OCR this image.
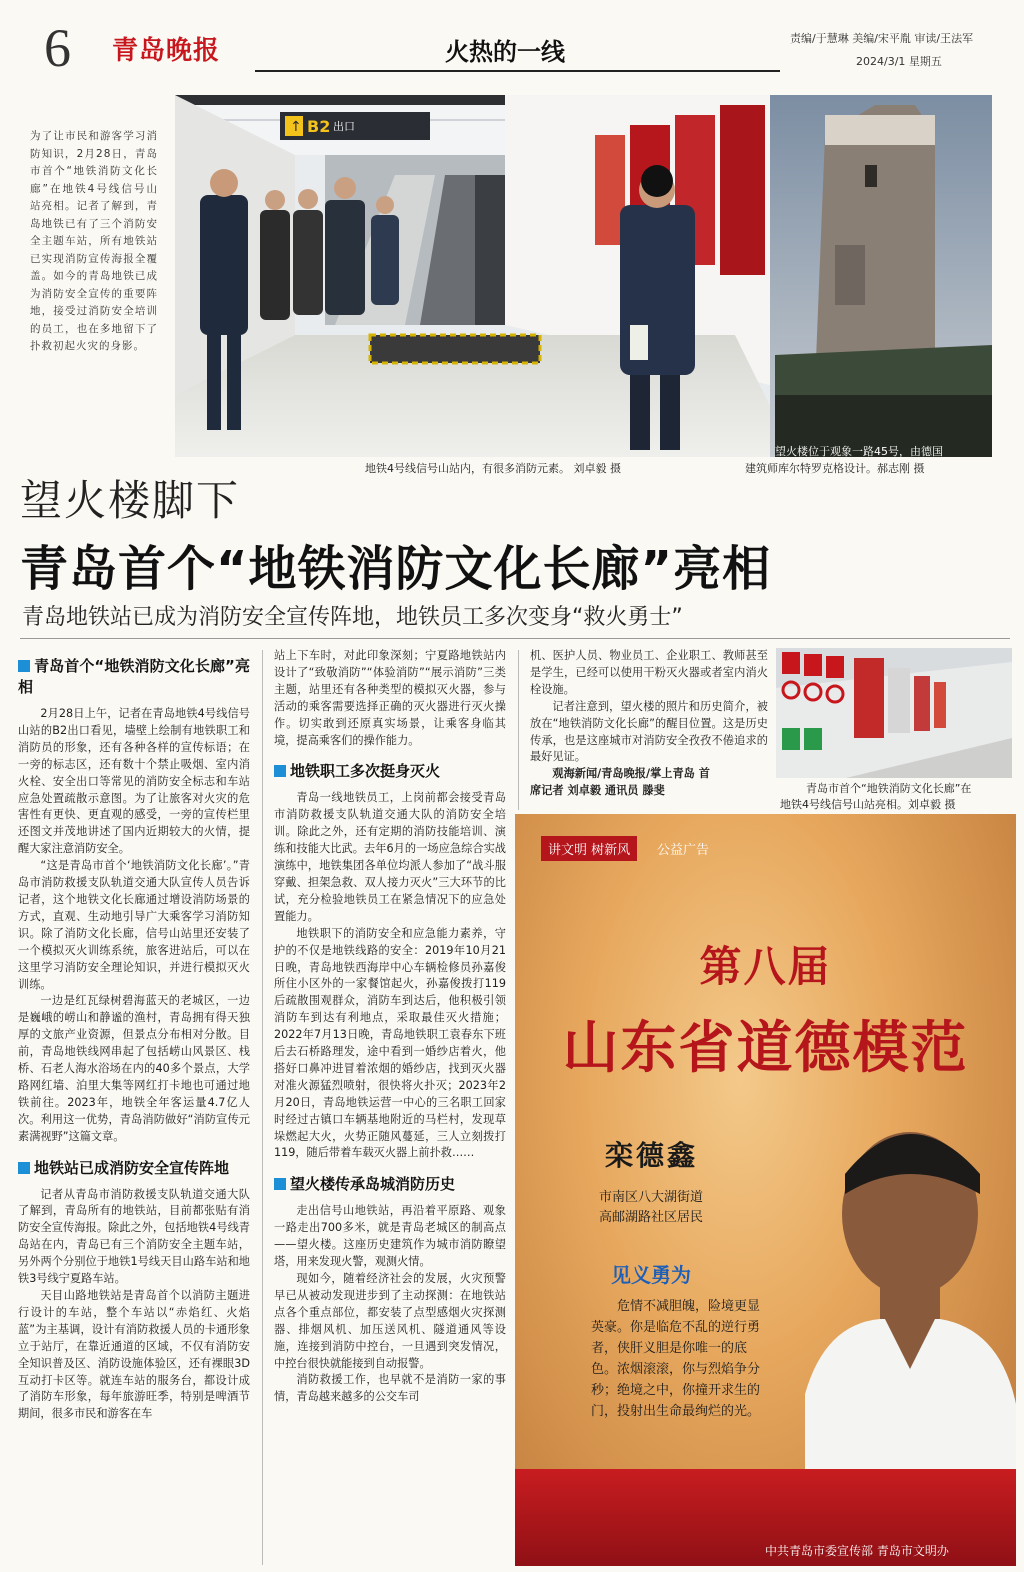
6 青岛晚报	火热的一线	责编/于慧琳 美编/宋平胤 审读/王法军
2024/3/1 星期五
为了让市民和游客学习消防知识，2月28日，青岛市首个“地铁消防文化长廊”在地铁4号线信号山站亮相。记者了解到，青岛地铁已有了三个消防安全主题车站，所有地铁站已实现消防宣传海报全覆盖。如今的青岛地铁已成为消防安全宣传的重要阵地，接受过消防安全培训的员工，也在多地留下了扑救初起火灾的身影。
↑ B2 出口
地铁4号线信号山站内，有很多消防元素。 刘卓毅 摄
望火楼位于观象一路45号，由德国
建筑师库尔特罗克格设计。郝志刚 摄
望火楼脚下
青岛首个“地铁消防文化长廊”亮相
青岛地铁站已成为消防安全宣传阵地，地铁员工多次变身“救火勇士”
青岛首个“地铁消防文化长廊”亮相

2月28日上午，记者在青岛地铁4号线信号山站的B2出口看见，墙壁上绘制有地铁职工和消防员的形象，还有各种各样的宣传标语；在一旁的标志区，还有数十个禁止吸烟、室内消火栓、安全出口等常见的消防安全标志和车站应急处置疏散示意图。为了让旅客对火灾的危害性有更快、更直观的感受，一旁的宣传栏里还图文并茂地讲述了国内近期较大的火情，提醒大家注意消防安全。

“这是青岛市首个‘地铁消防文化长廊’。”青岛市消防救援支队轨道交通大队宣传人员告诉记者，这个地铁文化长廊通过增设消防场景的方式，直观、生动地引导广大乘客学习消防知识。除了消防文化长廊，信号山站里还安装了一个模拟灭火训练系统，旅客进站后，可以在这里学习消防安全理论知识，并进行模拟灭火训练。

一边是红瓦绿树碧海蓝天的老城区，一边是巍峨的崂山和静谧的渔村，青岛拥有得天独厚的文旅产业资源，但景点分布相对分散。目前，青岛地铁线网串起了包括崂山风景区、栈桥、石老人海水浴场在内的40多个景点，大学路网红墙、泊里大集等网红打卡地也可通过地铁前往。2023年，地铁全年客运量4.7亿人次。利用这一优势，青岛消防做好“消防宣传元素满视野”这篇文章。

地铁站已成消防安全宣传阵地

记者从青岛市消防救援支队轨道交通大队了解到，青岛所有的地铁站，目前都张贴有消防安全宣传海报。除此之外，包括地铁4号线青岛站在内，青岛已有三个消防安全主题车站，另外两个分别位于地铁1号线天目山路车站和地铁3号线宁夏路车站。

天目山路地铁站是青岛首个以消防主题进行设计的车站，整个车站以“赤焰红、火焰蓝”为主基调，设计有消防救援人员的卡通形象立于站厅，在靠近通道的区域，不仅有消防安全知识普及区、消防设施体验区，还有裸眼3D互动打卡区等。就连车站的服务台，都设计成了消防车形象，每年旅游旺季，特别是啤酒节期间，很多市民和游客在车

站上下车时，对此印象深刻；宁夏路地铁站内设计了“致敬消防”“体验消防”“展示消防”三类主题，站里还有各种类型的模拟灭火器，参与活动的乘客需要选择正确的灭火器进行灭火操作。切实敢到还原真实场景，让乘客身临其境，提高乘客们的操作能力。

地铁职工多次挺身灭火

青岛一线地铁员工，上岗前都会接受青岛市消防救援支队轨道交通大队的消防安全培训。除此之外，还有定期的消防技能培训、演练和技能大比武。去年6月的一场应急综合实战演练中，地铁集团各单位均派人参加了“战斗服穿戴、担架急救、双人接力灭火”三大环节的比试，充分检验地铁员工在紧急情况下的应急处置能力。

地铁职下的消防安全和应急能力素养，守护的不仅是地铁线路的安全：2019年10月21日晚，青岛地铁西海岸中心车辆检修员孙嘉俊所住小区外的一家餐馆起火，孙嘉俊拨打119后疏散围观群众，消防车到达后，他积极引领消防车到达有利地点，采取最佳灭火措施；2022年7月13日晚，青岛地铁职工袁春东下班后去石桥路理发，途中看到一婚纱店着火，他搭好口鼻冲进冒着浓烟的婚纱店，找到灭火器对准火源猛烈喷射，很快将火扑灭；2023年2月20日，青岛地铁运营一中心的三名职工回家时经过古镇口车辆基地附近的马栏村，发现草垛燃起大火，火势正随风蔓延，三人立刻拨打119，随后带着车载灭火器上前扑救……

望火楼传承岛城消防历史

走出信号山地铁站，再沿着平原路、观象一路走出700多米，就是青岛老城区的制高点——望火楼。这座历史建筑作为城市消防瞭望塔，用来发现火警，观测火情。

现如今，随着经济社会的发展，火灾预警早已从被动发现进步到了主动探测：在地铁站点各个重点部位，都安装了点型感烟火灾探测器、排烟风机、加压送风机、隧道通风等设施，连接到消防中控台，一旦遇到突发情况，中控台很快就能接到自动报警。

消防救援工作，也早就不是消防一家的事情，青岛越来越多的公交车司

机、医护人员、物业员工、企业职工、教师甚至是学生，已经可以使用干粉灭火器或者室内消火栓设施。

记者注意到，望火楼的照片和历史简介，被放在“地铁消防文化长廊”的醒目位置。这是历史传承，也是这座城市对消防安全孜孜不倦追求的最好见证。

观海新闻/青岛晚报/掌上青岛 首
席记者 刘卓毅 通讯员 滕斐	青岛市首个“地铁消防文化长廊”在
地铁4号线信号山站亮相。刘卓毅 摄
讲文明 树新风	公益广告
第八届
山东省道德模范
栾德鑫
市南区八大湖街道
高邮湖路社区居民
见义勇为
危情不减胆魄，险境更显英豪。你是临危不乱的逆行勇者，侠肝义胆是你唯一的底色。浓烟滚滚，你与烈焰争分秒；绝境之中，你撞开求生的门，投射出生命最绚烂的光。
中共青岛市委宣传部 青岛市文明办
